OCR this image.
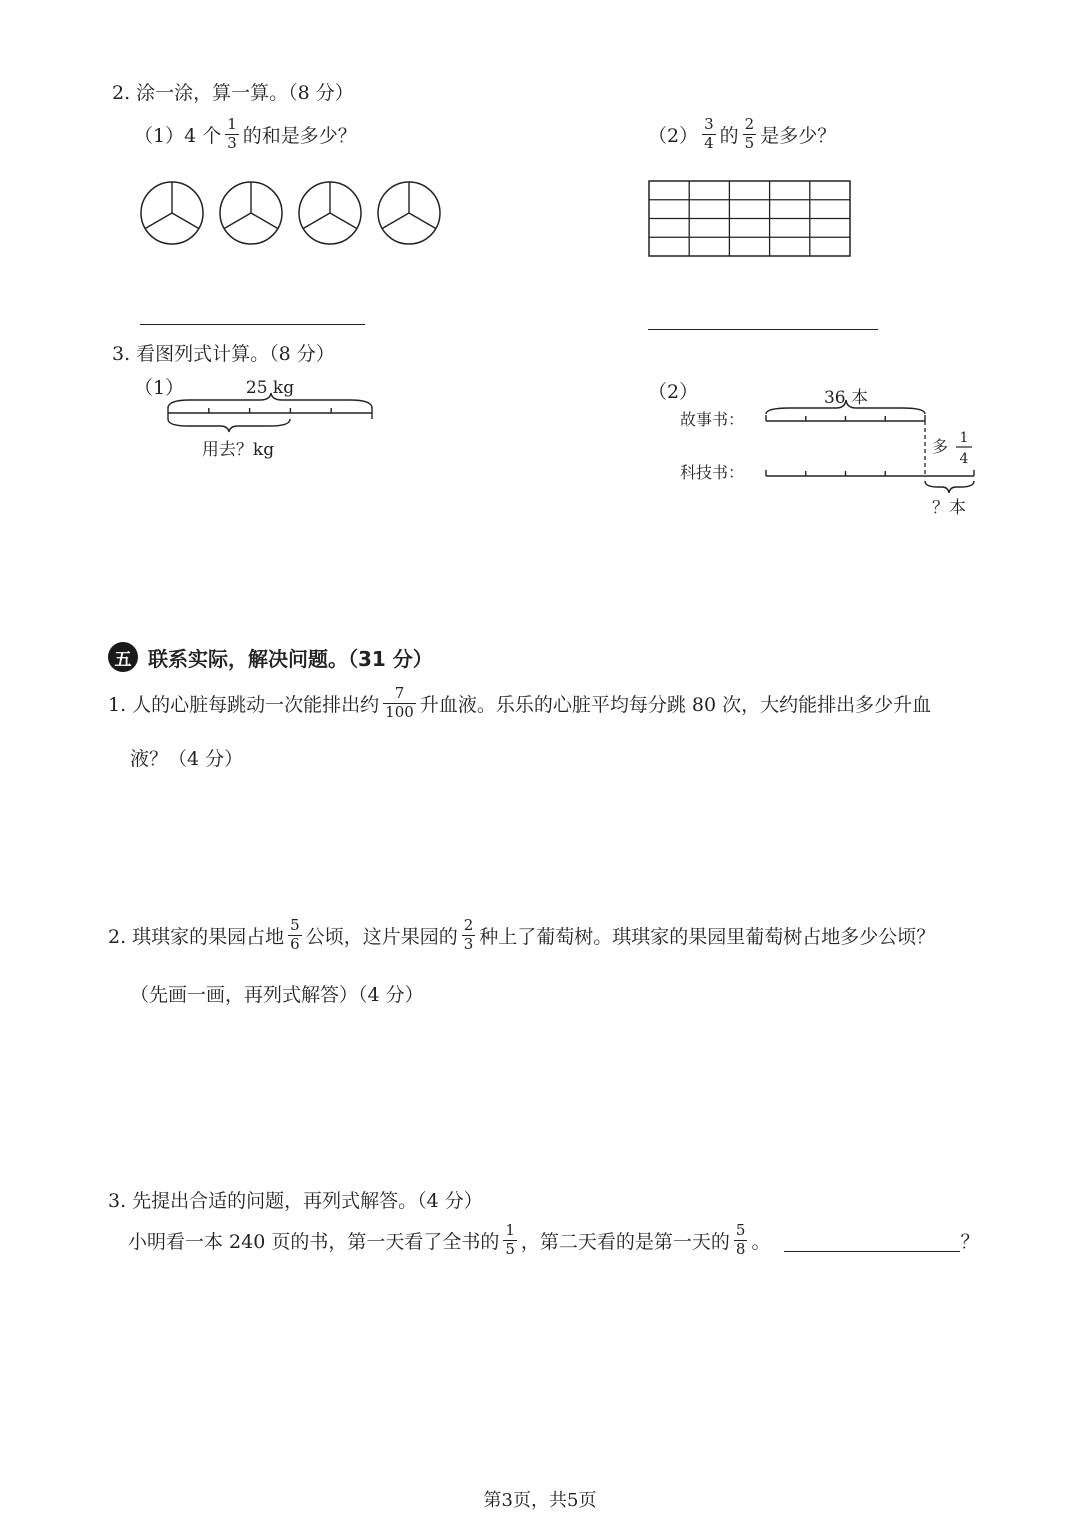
2. 涂一涂，算一算。（8 分）
（1）4 个 $\frac{1}{3}$ 的和是多少？	$(2) \frac{3}{4}$ 的 $\frac{2}{5}$ 是多少？
3. 看图列式计算。（8 分）
（1）	25 kg
用去？kg
（2）	36 本
故事书：
科技书：
多 1
4
？本
五 联系实际，解决问题。（31 分）
1. 人的心脏每跳动一次能排出约 $\frac{7}{100}$ 升血液。乐乐的心脏平均每分跳 80 次，大约能排出多少升血
液？（4 分）
2. 琪琪家的果园占地 $\frac{5}{6}$ 公顷，这片果园的 $\frac{2}{3}$ 种上了葡萄树。琪琪家的果园里葡萄树占地多少公顷？
（先画一画，再列式解答）（4 分）
3. 先提出合适的问题，再列式解答。（4 分）
小明看一本 240 页的书，第一天看了全书的 $\frac{1}{5}$ ，第二天看的是第一天的 $\frac{5}{8}$ 。	？
第3页，共5页
